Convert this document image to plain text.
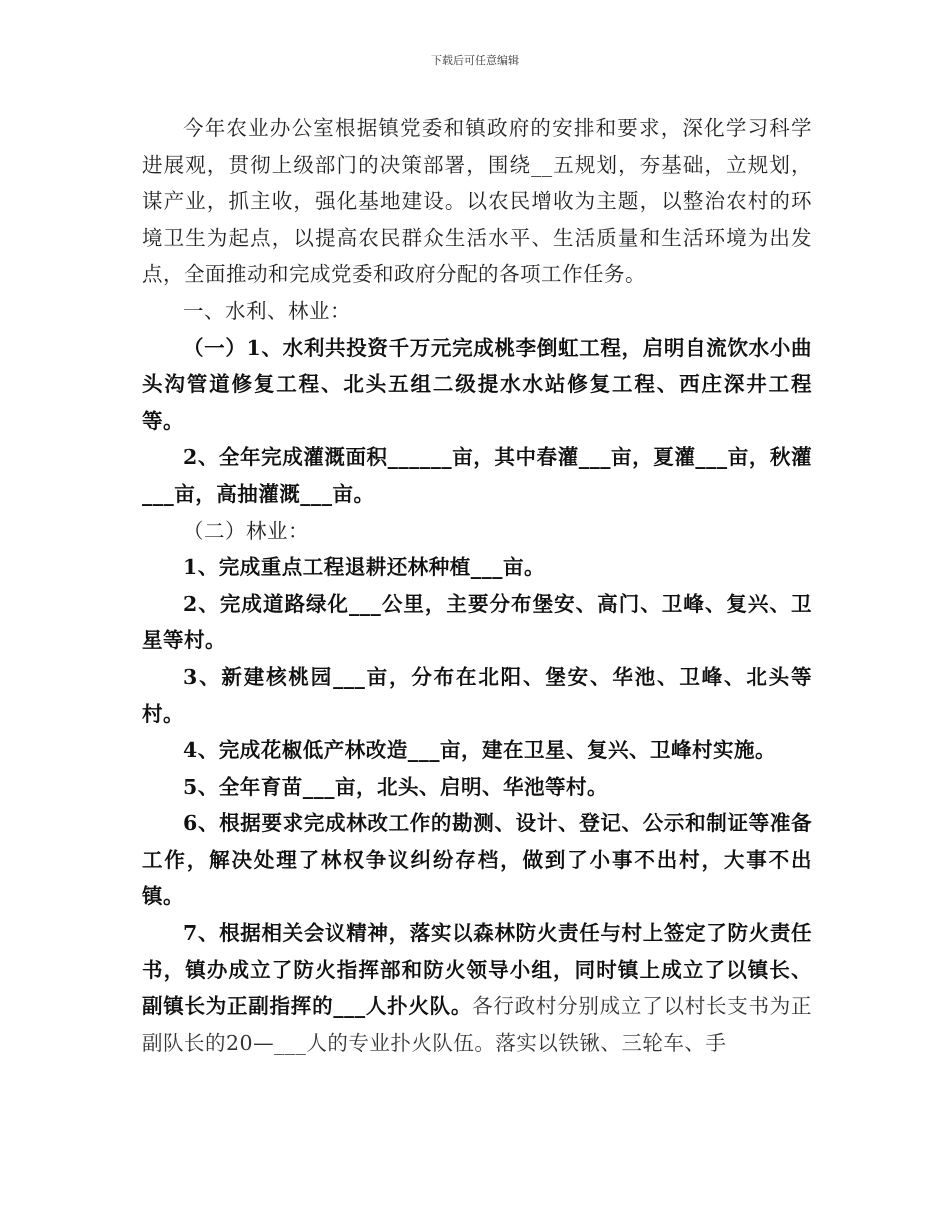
下载后可任意编辑

今年农业办公室根据镇党委和镇政府的安排和要求，深化学习科学进展观，贯彻上级部门的决策部署，围绕__五规划，夯基础，立规划，谋产业，抓主收，强化基地建设。以农民增收为主题，以整治农村的环境卫生为起点，以提高农民群众生活水平、生活质量和生活环境为出发点，全面推动和完成党委和政府分配的各项工作任务。

一、水利、林业：

（一）1、水利共投资千万元完成桃李倒虹工程，启明自流饮水小曲头沟管道修复工程、北头五组二级提水水站修复工程、西庄深井工程等。

2、全年完成灌溉面积______亩，其中春灌___亩，夏灌___亩，秋灌___亩，高抽灌溉___亩。

（二）林业：

1、完成重点工程退耕还林种植___亩。

2、完成道路绿化___公里，主要分布堡安、高门、卫峰、复兴、卫星等村。

3、新建核桃园___亩，分布在北阳、堡安、华池、卫峰、北头等村。

4、完成花椒低产林改造___亩，建在卫星、复兴、卫峰村实施。

5、全年育苗___亩，北头、启明、华池等村。

6、根据要求完成林改工作的勘测、设计、登记、公示和制证等准备工作，解决处理了林权争议纠纷存档，做到了小事不出村，大事不出镇。

7、根据相关会议精神，落实以森林防火责任与村上签定了防火责任书，镇办成立了防火指挥部和防火领导小组，同时镇上成立了以镇长、副镇长为正副指挥的___人扑火队。各行政村分别成立了以村长支书为正副队长的20—___人的专业扑火队伍。落实以铁锹、三轮车、手
